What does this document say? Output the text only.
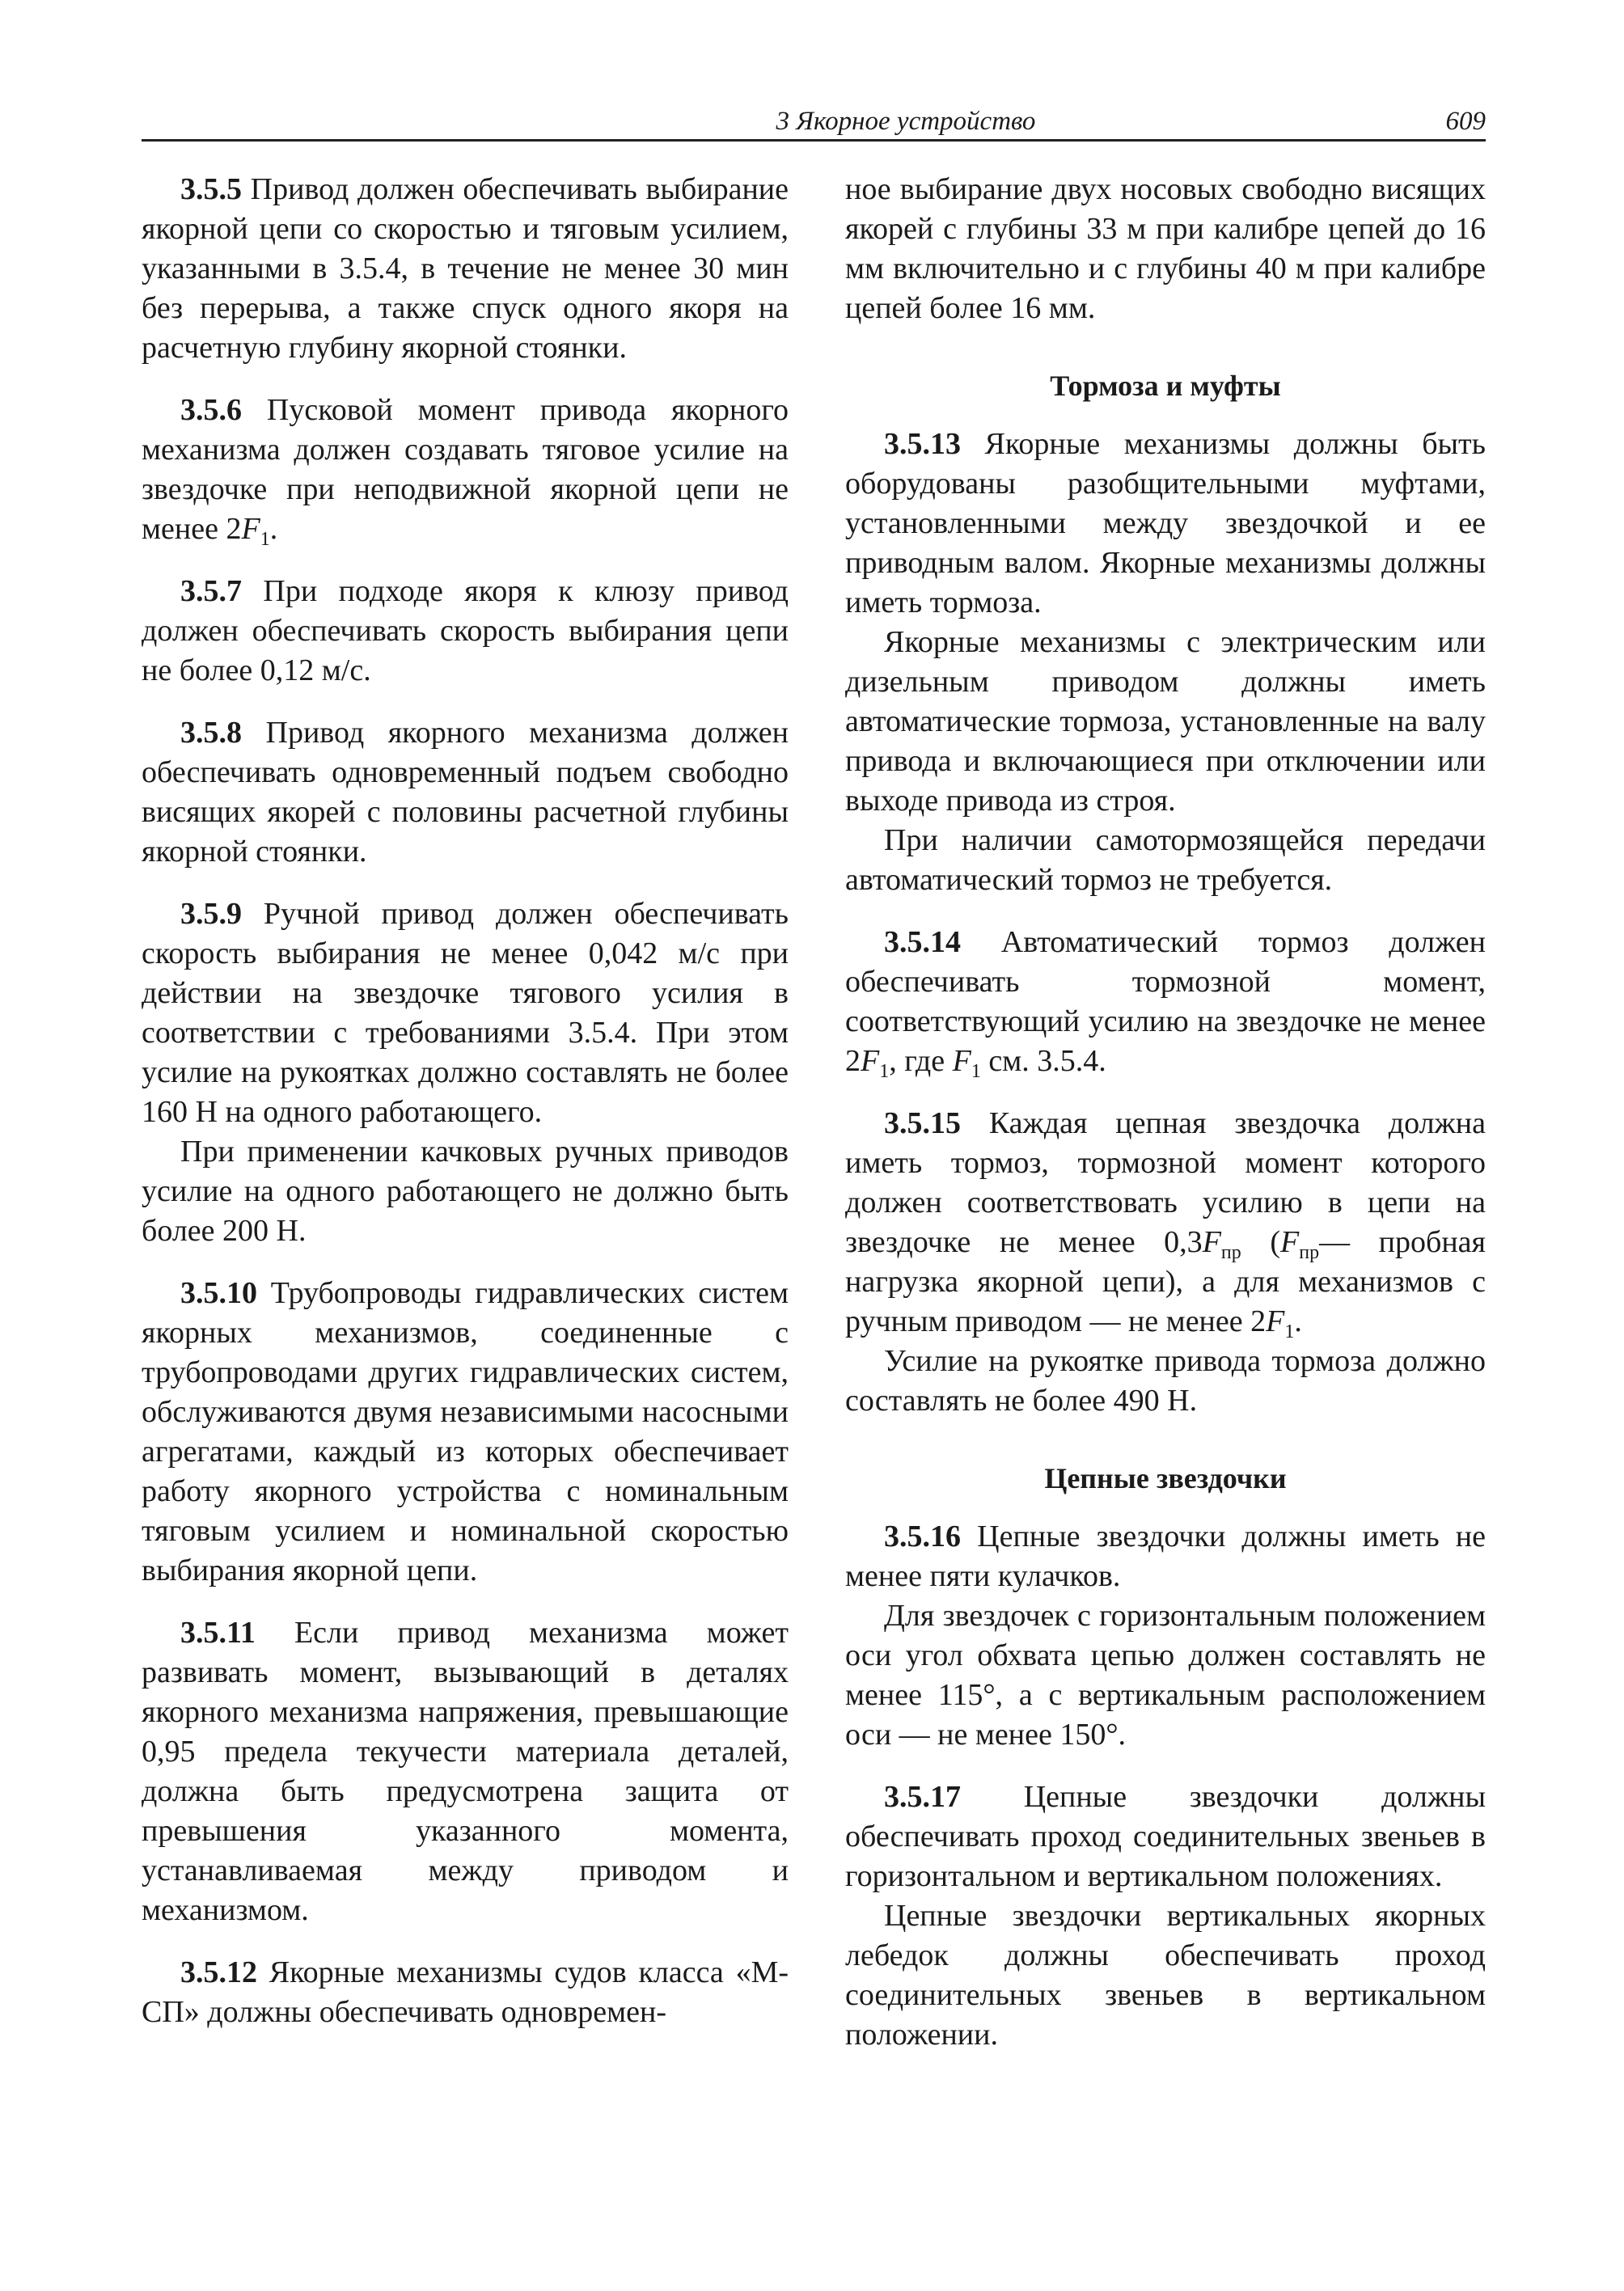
3 Якорное устройство	609

3.5.5 Привод должен обеспечивать выбирание якорной цепи со скоростью и тяговым усилием, указанными в 3.5.4, в течение не менее 30 мин без перерыва, а также спуск одного якоря на расчетную глубину якорной стоянки.

3.5.6 Пусковой момент привода якорного механизма должен создавать тяговое усилие на звездочке при неподвижной якорной цепи не менее $2F_1$.

3.5.7 При подходе якоря к клюзу привод должен обеспечивать скорость выбирания цепи не более 0,12 м/с.

3.5.8 Привод якорного механизма должен обеспечивать одновременный подъем свободно висящих якорей с половины расчетной глубины якорной стоянки.

3.5.9 Ручной привод должен обеспечивать скорость выбирания не менее 0,042 м/с при действии на звездочке тягового усилия в соответствии с требованиями 3.5.4. При этом усилие на рукоятках должно составлять не более 160 Н на одного работающего.

При применении качковых ручных приводов усилие на одного работающего не должно быть более 200 Н.

3.5.10 Трубопроводы гидравлических систем якорных механизмов, соединенные с трубопроводами других гидравлических систем, обслуживаются двумя независимыми насосными агрегатами, каждый из которых обеспечивает работу якорного устройства с номинальным тяговым усилием и номинальной скоростью выбирания якорной цепи.

3.5.11 Если привод механизма может развивать момент, вызывающий в деталях якорного механизма напряжения, превышающие 0,95 предела текучести материала деталей, должна быть предусмотрена защита от превышения указанного момента, устанавливаемая между приводом и механизмом.

3.5.12 Якорные механизмы судов класса «М-СП» должны обеспечивать одновремен-

ное выбирание двух носовых свободно висящих якорей с глубины 33 м при калибре цепей до 16 мм включительно и с глубины 40 м при калибре цепей более 16 мм.

Тормоза и муфты

3.5.13 Якорные механизмы должны быть оборудованы разобщительными муфтами, установленными между звездочкой и ее приводным валом. Якорные механизмы должны иметь тормоза.

Якорные механизмы с электрическим или дизельным приводом должны иметь автоматические тормоза, установленные на валу привода и включающиеся при отключении или выходе привода из строя.

При наличии самотормозящейся передачи автоматический тормоз не требуется.

3.5.14 Автоматический тормоз должен обеспечивать тормозной момент, соответствующий усилию на звездочке не менее $2F_1$, где $F_1$ см. 3.5.4.

3.5.15 Каждая цепная звездочка должна иметь тормоз, тормозной момент которого должен соответствовать усилию в цепи на звездочке не менее $0,3F_{пр}$ ($F_{пр}—$ пробная нагрузка якорной цепи), а для механизмов с ручным приводом — не менее $2F_1$.

Усилие на рукоятке привода тормоза должно составлять не более 490 Н.

Цепные звездочки

3.5.16 Цепные звездочки должны иметь не менее пяти кулачков.

Для звездочек с горизонтальным положением оси угол обхвата цепью должен составлять не менее 115°, а с вертикальным расположением оси — не менее 150°.

3.5.17 Цепные звездочки должны обеспечивать проход соединительных звеньев в горизонтальном и вертикальном положениях.

Цепные звездочки вертикальных якорных лебедок должны обеспечивать проход соединительных звеньев в вертикальном положении.
